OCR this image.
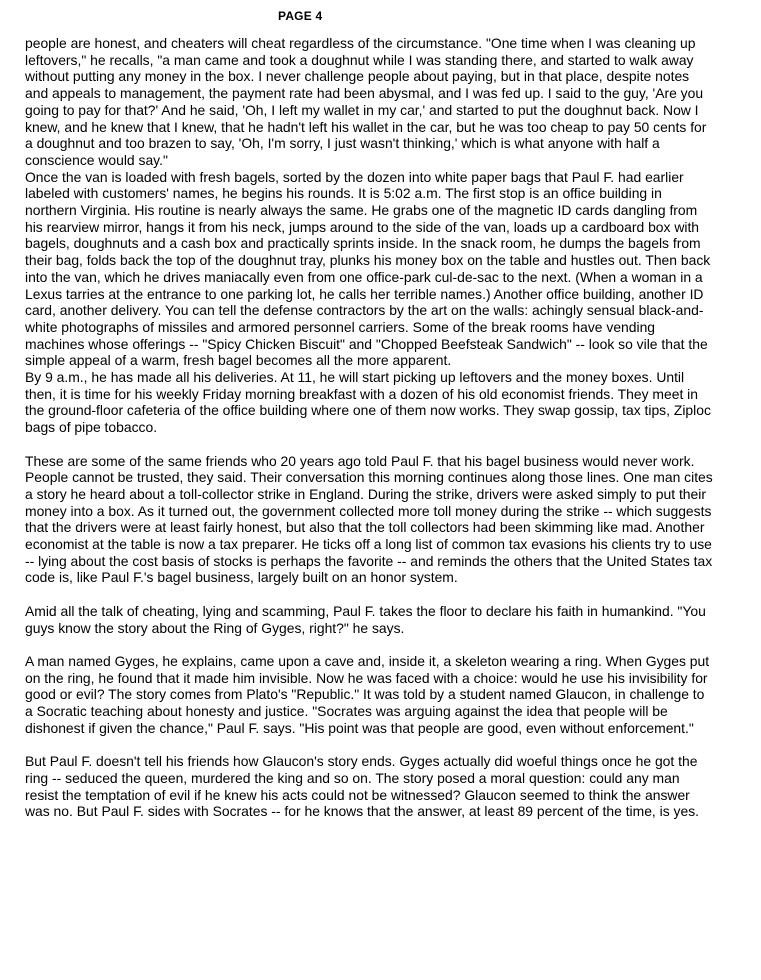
PAGE 4

people are honest, and cheaters will cheat regardless of the circumstance. "One time when I was cleaning up leftovers," he recalls, "a man came and took a doughnut while I was standing there, and started to walk away without putting any money in the box. I never challenge people about paying, but in that place, despite notes and appeals to management, the payment rate had been abysmal, and I was fed up. I said to the guy, 'Are you going to pay for that?' And he said, 'Oh, I left my wallet in my car,' and started to put the doughnut back. Now I knew, and he knew that I knew, that he hadn't left his wallet in the car, but he was too cheap to pay 50 cents for a doughnut and too brazen to say, 'Oh, I'm sorry, I just wasn't thinking,' which is what anyone with half a conscience would say."

Once the van is loaded with fresh bagels, sorted by the dozen into white paper bags that Paul F. had earlier labeled with customers' names, he begins his rounds. It is 5:02 a.m. The first stop is an office building in northern Virginia. His routine is nearly always the same. He grabs one of the magnetic ID cards dangling from his rearview mirror, hangs it from his neck, jumps around to the side of the van, loads up a cardboard box with bagels, doughnuts and a cash box and practically sprints inside. In the snack room, he dumps the bagels from their bag, folds back the top of the doughnut tray, plunks his money box on the table and hustles out. Then back into the van, which he drives maniacally even from one office-park cul-de-sac to the next. (When a woman in a Lexus tarries at the entrance to one parking lot, he calls her terrible names.) Another office building, another ID card, another delivery. You can tell the defense contractors by the art on the walls: achingly sensual black-and-white photographs of missiles and armored personnel carriers. Some of the break rooms have vending machines whose offerings -- "Spicy Chicken Biscuit" and "Chopped Beefsteak Sandwich" -- look so vile that the simple appeal of a warm, fresh bagel becomes all the more apparent.

By 9 a.m., he has made all his deliveries. At 11, he will start picking up leftovers and the money boxes. Until then, it is time for his weekly Friday morning breakfast with a dozen of his old economist friends. They meet in the ground-floor cafeteria of the office building where one of them now works. They swap gossip, tax tips, Ziploc bags of pipe tobacco.

These are some of the same friends who 20 years ago told Paul F. that his bagel business would never work. People cannot be trusted, they said. Their conversation this morning continues along those lines. One man cites a story he heard about a toll-collector strike in England. During the strike, drivers were asked simply to put their money into a box. As it turned out, the government collected more toll money during the strike -- which suggests that the drivers were at least fairly honest, but also that the toll collectors had been skimming like mad. Another economist at the table is now a tax preparer. He ticks off a long list of common tax evasions his clients try to use -- lying about the cost basis of stocks is perhaps the favorite -- and reminds the others that the United States tax code is, like Paul F.'s bagel business, largely built on an honor system.

Amid all the talk of cheating, lying and scamming, Paul F. takes the floor to declare his faith in humankind. "You guys know the story about the Ring of Gyges, right?" he says.

A man named Gyges, he explains, came upon a cave and, inside it, a skeleton wearing a ring. When Gyges put on the ring, he found that it made him invisible. Now he was faced with a choice: would he use his invisibility for good or evil? The story comes from Plato's "Republic." It was told by a student named Glaucon, in challenge to a Socratic teaching about honesty and justice. "Socrates was arguing against the idea that people will be dishonest if given the chance," Paul F. says. "His point was that people are good, even without enforcement."

But Paul F. doesn't tell his friends how Glaucon's story ends. Gyges actually did woeful things once he got the ring -- seduced the queen, murdered the king and so on. The story posed a moral question: could any man resist the temptation of evil if he knew his acts could not be witnessed? Glaucon seemed to think the answer was no. But Paul F. sides with Socrates -- for he knows that the answer, at least 89 percent of the time, is yes.
